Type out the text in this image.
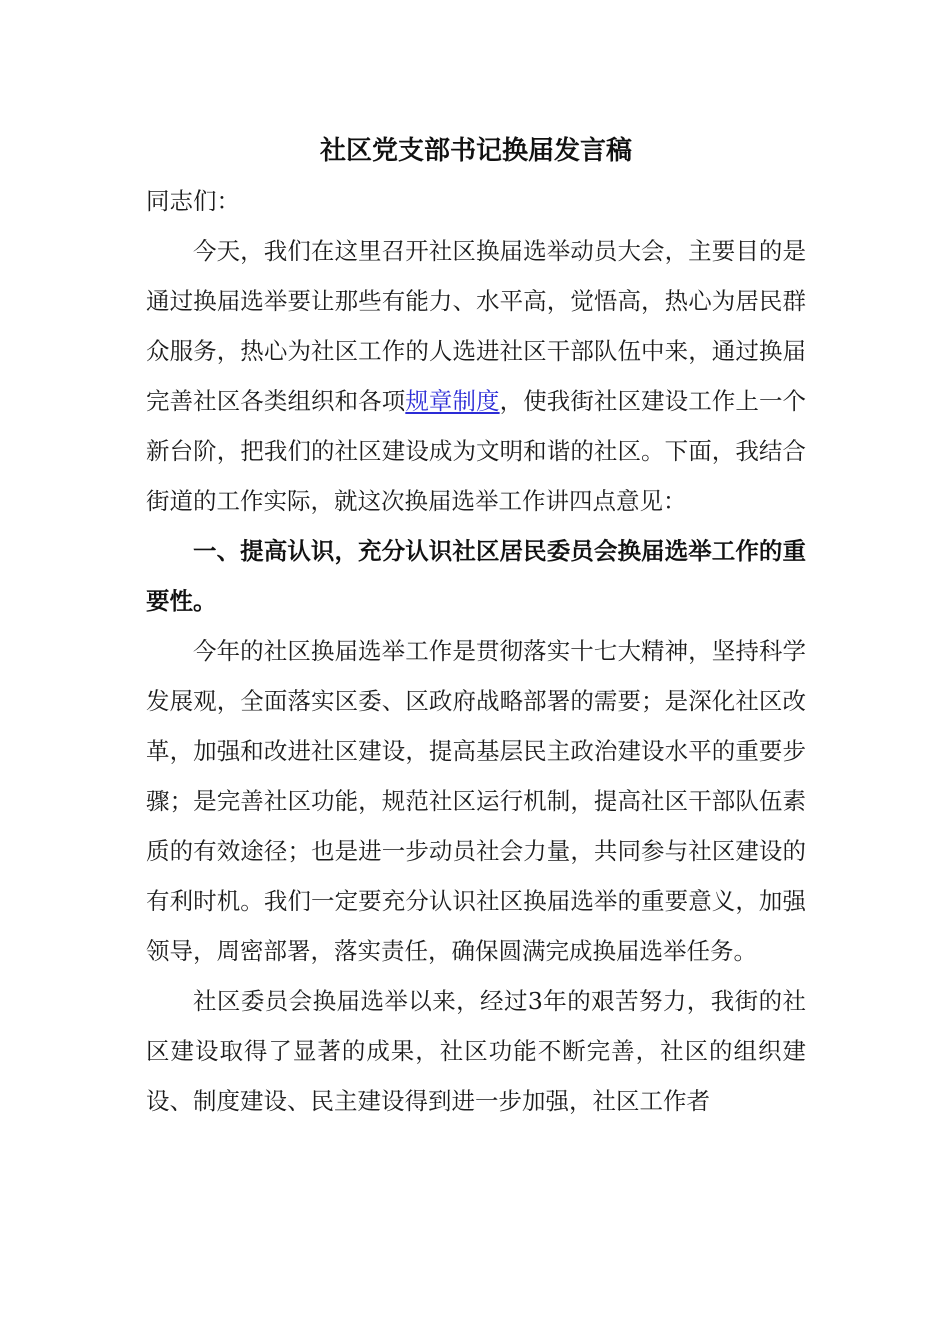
社区党支部书记换届发言稿

同志们：

今天，我们在这里召开社区换届选举动员大会，主要目的是通过换届选举要让那些有能力、水平高，觉悟高，热心为居民群众服务，热心为社区工作的人选进社区干部队伍中来，通过换届完善社区各类组织和各项规章制度，使我街社区建设工作上一个新台阶，把我们的社区建设成为文明和谐的社区。下面，我结合街道的工作实际，就这次换届选举工作讲四点意见：

一、提高认识，充分认识社区居民委员会换届选举工作的重要性。

今年的社区换届选举工作是贯彻落实十七大精神，坚持科学发展观，全面落实区委、区政府战略部署的需要；是深化社区改革，加强和改进社区建设，提高基层民主政治建设水平的重要步骤；是完善社区功能，规范社区运行机制，提高社区干部队伍素质的有效途径；也是进一步动员社会力量，共同参与社区建设的有利时机。我们一定要充分认识社区换届选举的重要意义，加强领导，周密部署，落实责任，确保圆满完成换届选举任务。

社区委员会换届选举以来，经过3年的艰苦努力，我街的社区建设取得了显著的成果，社区功能不断完善，社区的组织建设、制度建设、民主建设得到进一步加强，社区工作者
